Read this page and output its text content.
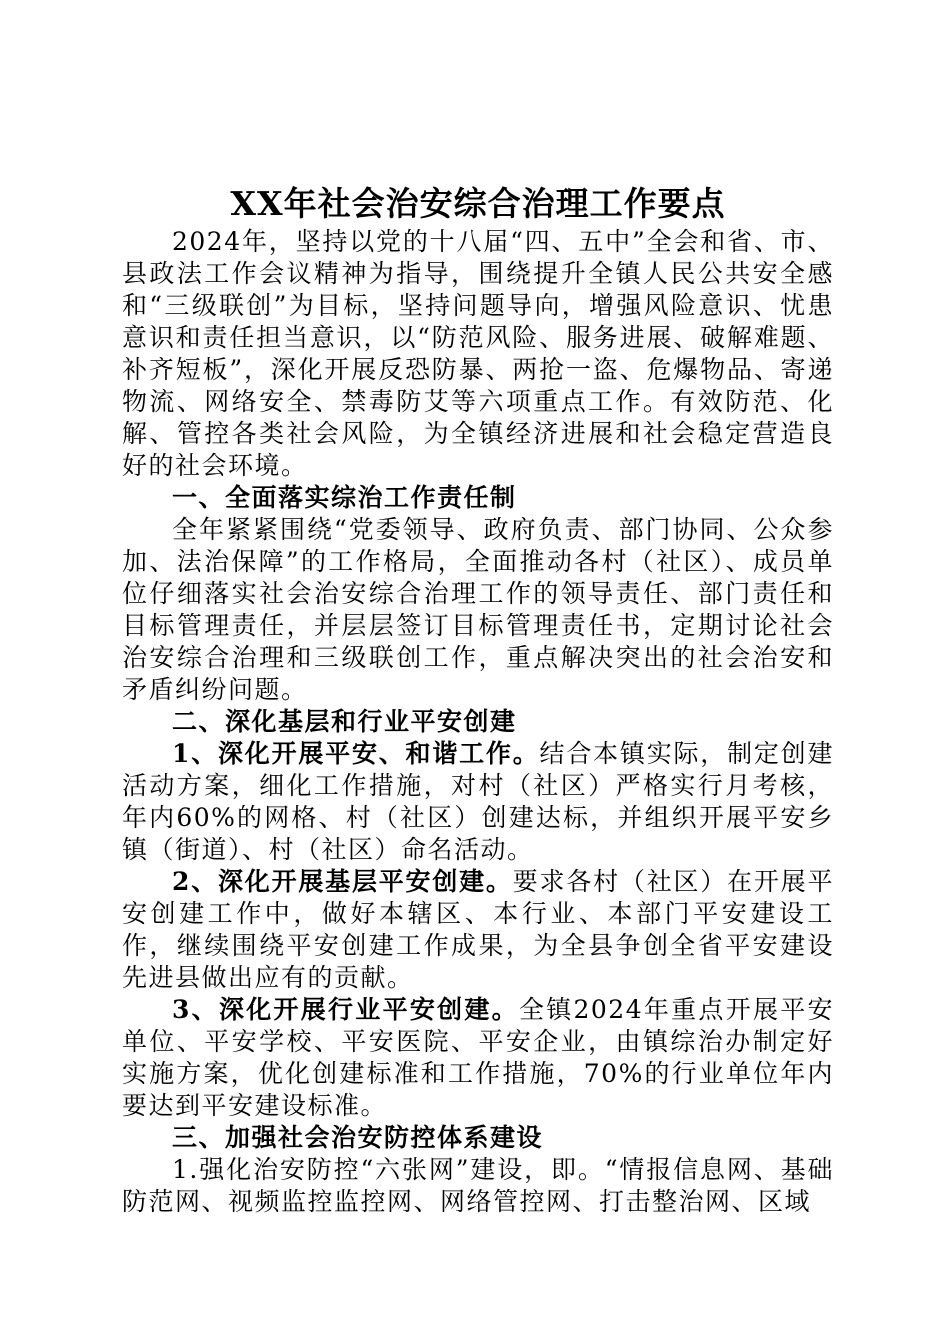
XX年社会治安综合治理工作要点

2024年，坚持以党的十八届“四、五中”全会和省、市、县政法工作会议精神为指导，围绕提升全镇人民公共安全感和“三级联创”为目标，坚持问题导向，增强风险意识、忧患意识和责任担当意识，以“防范风险、服务进展、破解难题、补齐短板”，深化开展反恐防暴、两抢一盗、危爆物品、寄递物流、网络安全、禁毒防艾等六项重点工作。有效防范、化解、管控各类社会风险，为全镇经济进展和社会稳定营造良好的社会环境。

一、全面落实综治工作责任制

全年紧紧围绕“党委领导、政府负责、部门协同、公众参加、法治保障”的工作格局，全面推动各村（社区）、成员单位仔细落实社会治安综合治理工作的领导责任、部门责任和目标管理责任，并层层签订目标管理责任书，定期讨论社会治安综合治理和三级联创工作，重点解决突出的社会治安和矛盾纠纷问题。

二、深化基层和行业平安创建

1、深化开展平安、和谐工作。结合本镇实际，制定创建活动方案，细化工作措施，对村（社区）严格实行月考核，年内60%的网格、村（社区）创建达标，并组织开展平安乡镇（街道）、村（社区）命名活动。

2、深化开展基层平安创建。要求各村（社区）在开展平安创建工作中，做好本辖区、本行业、本部门平安建设工作，继续围绕平安创建工作成果，为全县争创全省平安建设先进县做出应有的贡献。

3、深化开展行业平安创建。全镇2024年重点开展平安单位、平安学校、平安医院、平安企业，由镇综治办制定好实施方案，优化创建标准和工作措施，70%的行业单位年内要达到平安建设标准。

三、加强社会治安防控体系建设

1.强化治安防控“六张网”建设，即。“情报信息网、基础防范网、视频监控监控网、网络管控网、打击整治网、区域
